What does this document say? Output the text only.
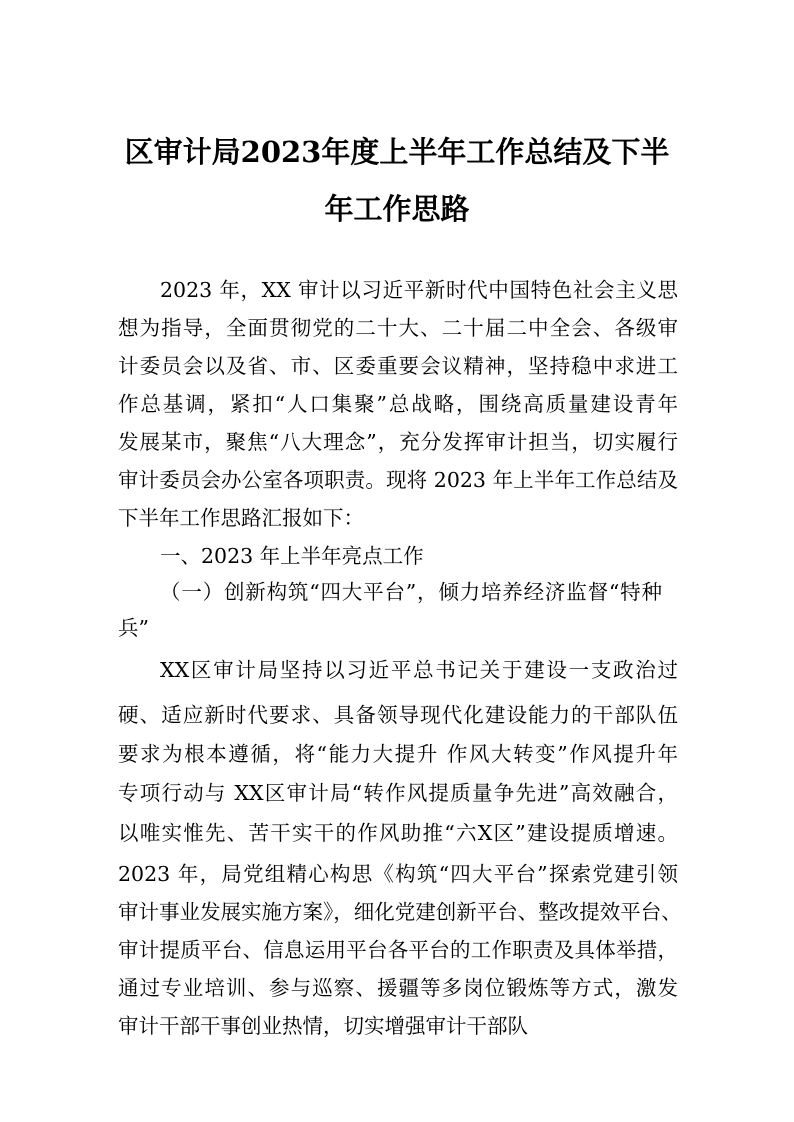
区审计局2023年度上半年工作总结及下半
年工作思路
2023 年，XX 审计以习近平新时代中国特色社会主义思
想为指导，全面贯彻党的二十大、二十届二中全会、各级审
计委员会以及省、市、区委重要会议精神，坚持稳中求进工
作总基调，紧扣“人口集聚”总战略，围绕高质量建设青年
发展某市，聚焦“八大理念”，充分发挥审计担当，切实履行
审计委员会办公室各项职责。现将 2023 年上半年工作总结及
下半年工作思路汇报如下：
一、2023 年上半年亮点工作
（一）创新构筑“四大平台”，倾力培养经济监督“特种
兵”
XX区审计局坚持以习近平总书记关于建设一支政治过
硬、适应新时代要求、具备领导现代化建设能力的干部队伍
要求为根本遵循，将“能力大提升 作风大转变”作风提升年
专项行动与 XX区审计局“转作风提质量争先进”高效融合，
以唯实惟先、苦干实干的作风助推“六X区”建设提质增速。
2023 年，局党组精心构思《构筑“四大平台”探索党建引领
审计事业发展实施方案》，细化党建创新平台、整改提效平台、
审计提质平台、信息运用平台各平台的工作职责及具体举措，
通过专业培训、参与巡察、援疆等多岗位锻炼等方式，激发
审计干部干事创业热情，切实增强审计干部队
